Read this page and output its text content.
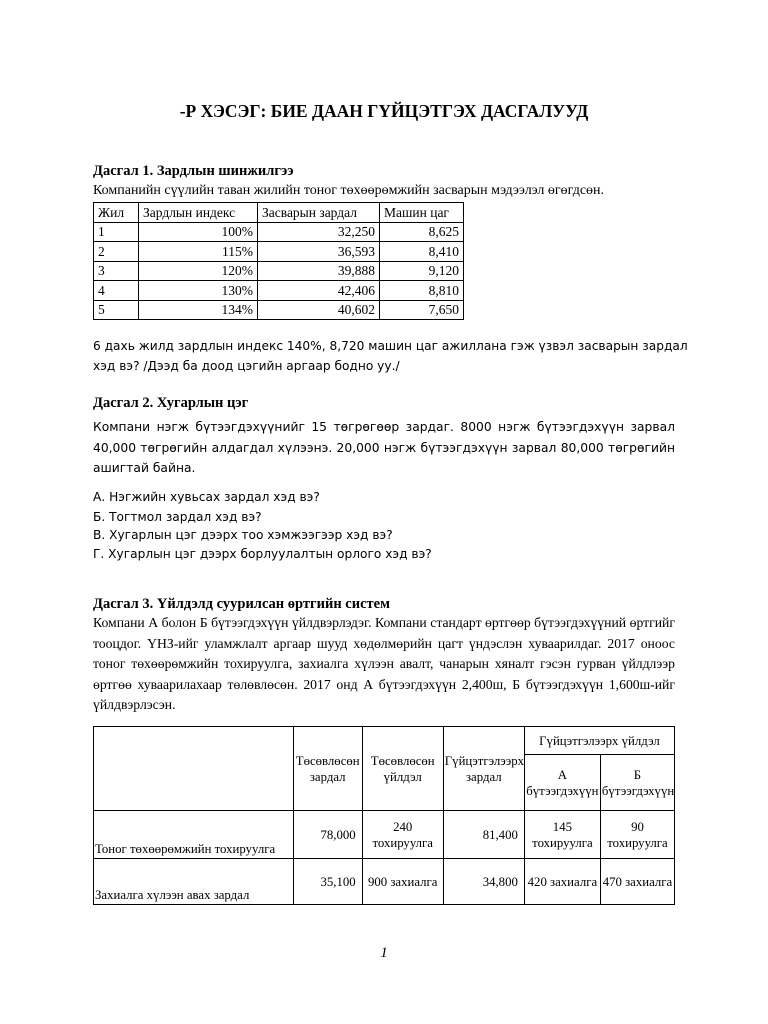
-Р ХЭСЭГ: БИЕ ДААН ГҮЙЦЭТГЭХ ДАСГАЛУУД
Дасгал 1. Зардлын шинжилгээ
Компанийн сүүлийн таван жилийн тоног төхөөрөмжийн засварын мэдээлэл өгөгдсөн.
Жил	Зардлын индекс	Засварын зардал	Машин цаг
1	100%	32,250	8,625
2	115%	36,593	8,410
3	120%	39,888	9,120
4	130%	42,406	8,810
5	134%	40,602	7,650
6 дахь жилд зардлын индекс 140%, 8,720 машин цаг ажиллана гэж үзвэл засварын зардал
хэд вэ? /Дээд ба доод цэгийн аргаар бодно уу./
Дасгал 2. Хугарлын цэг
Компани нэгж бүтээгдэхүүнийг 15 төгрөгөөр зардаг. 8000 нэгж бүтээгдэхүүн зарвал 40,000 төгрөгийн алдагдал хүлээнэ. 20,000 нэгж бүтээгдэхүүн зарвал 80,000 төгрөгийн ашигтай байна.
А. Нэгжийн хувьсах зардал хэд вэ?
Б. Тогтмол зардал хэд вэ?
В. Хугарлын цэг дээрх тоо хэмжээгээр хэд вэ?
Г. Хугарлын цэг дээрх борлуулалтын орлого хэд вэ?
Дасгал 3. Үйлдэлд суурилсан өртгийн систем
Компани А болон Б бүтээгдэхүүн үйлдвэрлэдэг. Компани стандарт өртгөөр бүтээгдэхүүний өртгийг тооцдог. ҮНЗ-ийг уламжлалт аргаар шууд хөдөлмөрийн цагт үндэслэн хуваарилдаг. 2017 оноос тоног төхөөрөмжийн тохируулга, захиалга хүлээн авалт, чанарын хяналт гэсэн гурван үйлдлээр өртгөө хуваарилахаар төлөвлөсөн. 2017 онд А бүтээгдэхүүн 2,400ш, Б бүтээгдэхүүн 1,600ш-ийг үйлдвэрлэсэн.
	Төсөвлөсөн зардал	Төсөвлөсөн үйлдэл	Гүйцэтгэлээрх зардал	Гүйцэтгэлээрх үйлдэл	
				А бүтээгдэхүүн	Б бүтээгдэхүүн
Тоног төхөөрөмжийн тохируулга	78,000	240 тохируулга	81,400	145 тохируулга	90 тохируулга
Захиалга хүлээн авах зардал	35,100	900 захиалга	34,800	420 захиалга	470 захиалга
1
